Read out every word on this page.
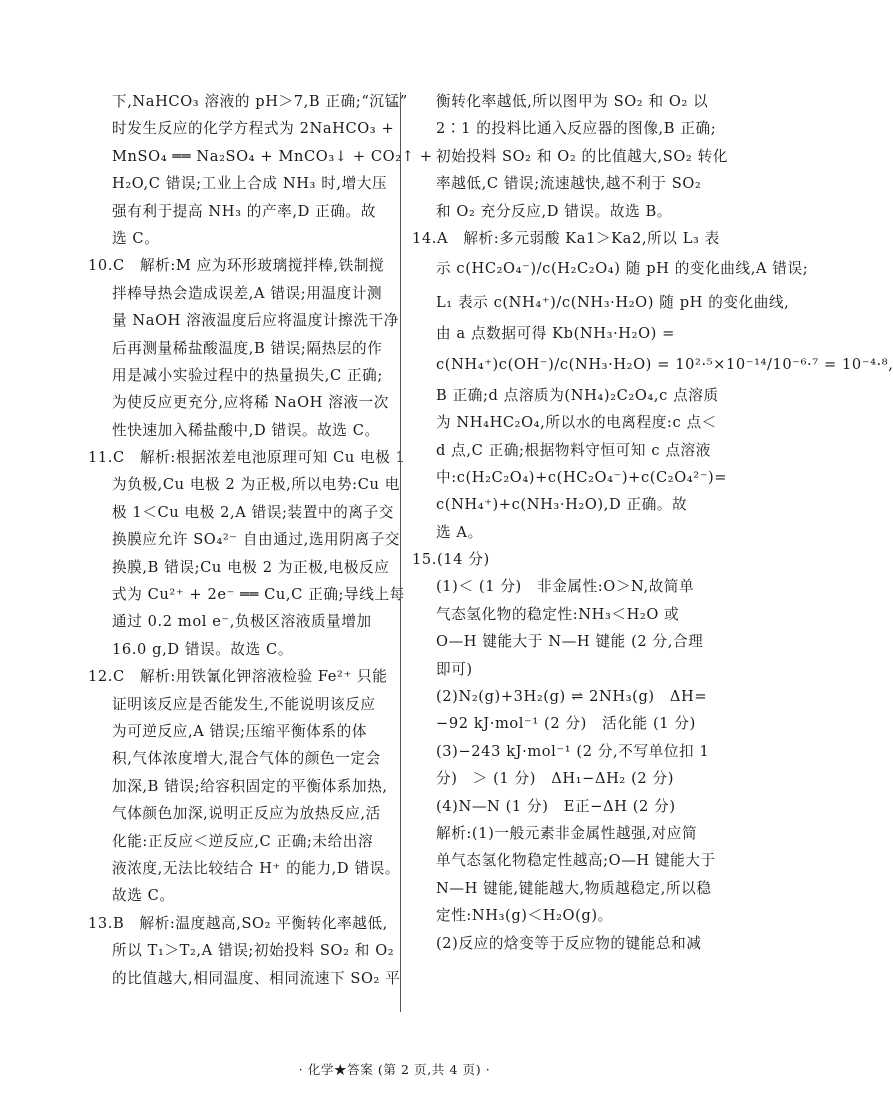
下,NaHCO₃ 溶液的 pH＞7,B 正确;“沉锰”
时发生反应的化学方程式为 2NaHCO₃ +
MnSO₄ ══ Na₂SO₄ + MnCO₃↓ + CO₂↑ +
H₂O,C 错误;工业上合成 NH₃ 时,增大压
强有利于提高 NH₃ 的产率,D 正确。故
选 C。
10.C　解析:M 应为环形玻璃搅拌棒,铁制搅
拌棒导热会造成误差,A 错误;用温度计测
量 NaOH 溶液温度后应将温度计擦洗干净
后再测量稀盐酸温度,B 错误;隔热层的作
用是减小实验过程中的热量损失,C 正确;
为使反应更充分,应将稀 NaOH 溶液一次
性快速加入稀盐酸中,D 错误。故选 C。
11.C　解析:根据浓差电池原理可知 Cu 电极 1
为负极,Cu 电极 2 为正极,所以电势:Cu 电
极 1＜Cu 电极 2,A 错误;装置中的离子交
换膜应允许 SO₄²⁻ 自由通过,选用阴离子交
换膜,B 错误;Cu 电极 2 为正极,电极反应
式为 Cu²⁺ + 2e⁻ ══ Cu,C 正确;导线上每
通过 0.2 mol e⁻,负极区溶液质量增加
16.0 g,D 错误。故选 C。
12.C　解析:用铁氰化钾溶液检验 Fe²⁺ 只能
证明该反应是否能发生,不能说明该反应
为可逆反应,A 错误;压缩平衡体系的体
积,气体浓度增大,混合气体的颜色一定会
加深,B 错误;给容积固定的平衡体系加热,
气体颜色加深,说明正反应为放热反应,活
化能:正反应＜逆反应,C 正确;未给出溶
液浓度,无法比较结合 H⁺ 的能力,D 错误。
故选 C。
13.B　解析:温度越高,SO₂ 平衡转化率越低,
所以 T₁＞T₂,A 错误;初始投料 SO₂ 和 O₂
的比值越大,相同温度、相同流速下 SO₂ 平
衡转化率越低,所以图甲为 SO₂ 和 O₂ 以
2∶1 的投料比通入反应器的图像,B 正确;
初始投料 SO₂ 和 O₂ 的比值越大,SO₂ 转化
率越低,C 错误;流速越快,越不利于 SO₂
和 O₂ 充分反应,D 错误。故选 B。
14.A　解析:多元弱酸 Ka1＞Ka2,所以 L₃ 表
示 c(HC₂O₄⁻)/c(H₂C₂O₄) 随 pH 的变化曲线,A 错误;
L₁ 表示 c(NH₄⁺)/c(NH₃·H₂O) 随 pH 的变化曲线,
由 a 点数据可得 Kb(NH₃·H₂O) =
c(NH₄⁺)c(OH⁻)/c(NH₃·H₂O) = 10²·⁵×10⁻¹⁴/10⁻⁶·⁷ = 10⁻⁴·⁸,
B 正确;d 点溶质为(NH₄)₂C₂O₄,c 点溶质
为 NH₄HC₂O₄,所以水的电离程度:c 点＜
d 点,C 正确;根据物料守恒可知 c 点溶液
中:c(H₂C₂O₄)+c(HC₂O₄⁻)+c(C₂O₄²⁻)=
c(NH₄⁺)+c(NH₃·H₂O),D 正确。故
选 A。
15.(14 分)
(1)＜ (1 分)　非金属性:O＞N,故简单
气态氢化物的稳定性:NH₃＜H₂O 或
O—H 键能大于 N—H 键能 (2 分,合理
即可)
(2)N₂(g)+3H₂(g) ⇌ 2NH₃(g)　ΔH=
−92 kJ·mol⁻¹ (2 分)　活化能 (1 分)
(3)−243 kJ·mol⁻¹ (2 分,不写单位扣 1
分)　＞ (1 分)　ΔH₁−ΔH₂ (2 分)
(4)N—N (1 分)　E正−ΔH (2 分)
解析:(1)一般元素非金属性越强,对应简
单气态氢化物稳定性越高;O—H 键能大于
N—H 键能,键能越大,物质越稳定,所以稳
定性:NH₃(g)＜H₂O(g)。
(2)反应的焓变等于反应物的键能总和减
· 化学★答案 (第 2 页,共 4 页) ·
